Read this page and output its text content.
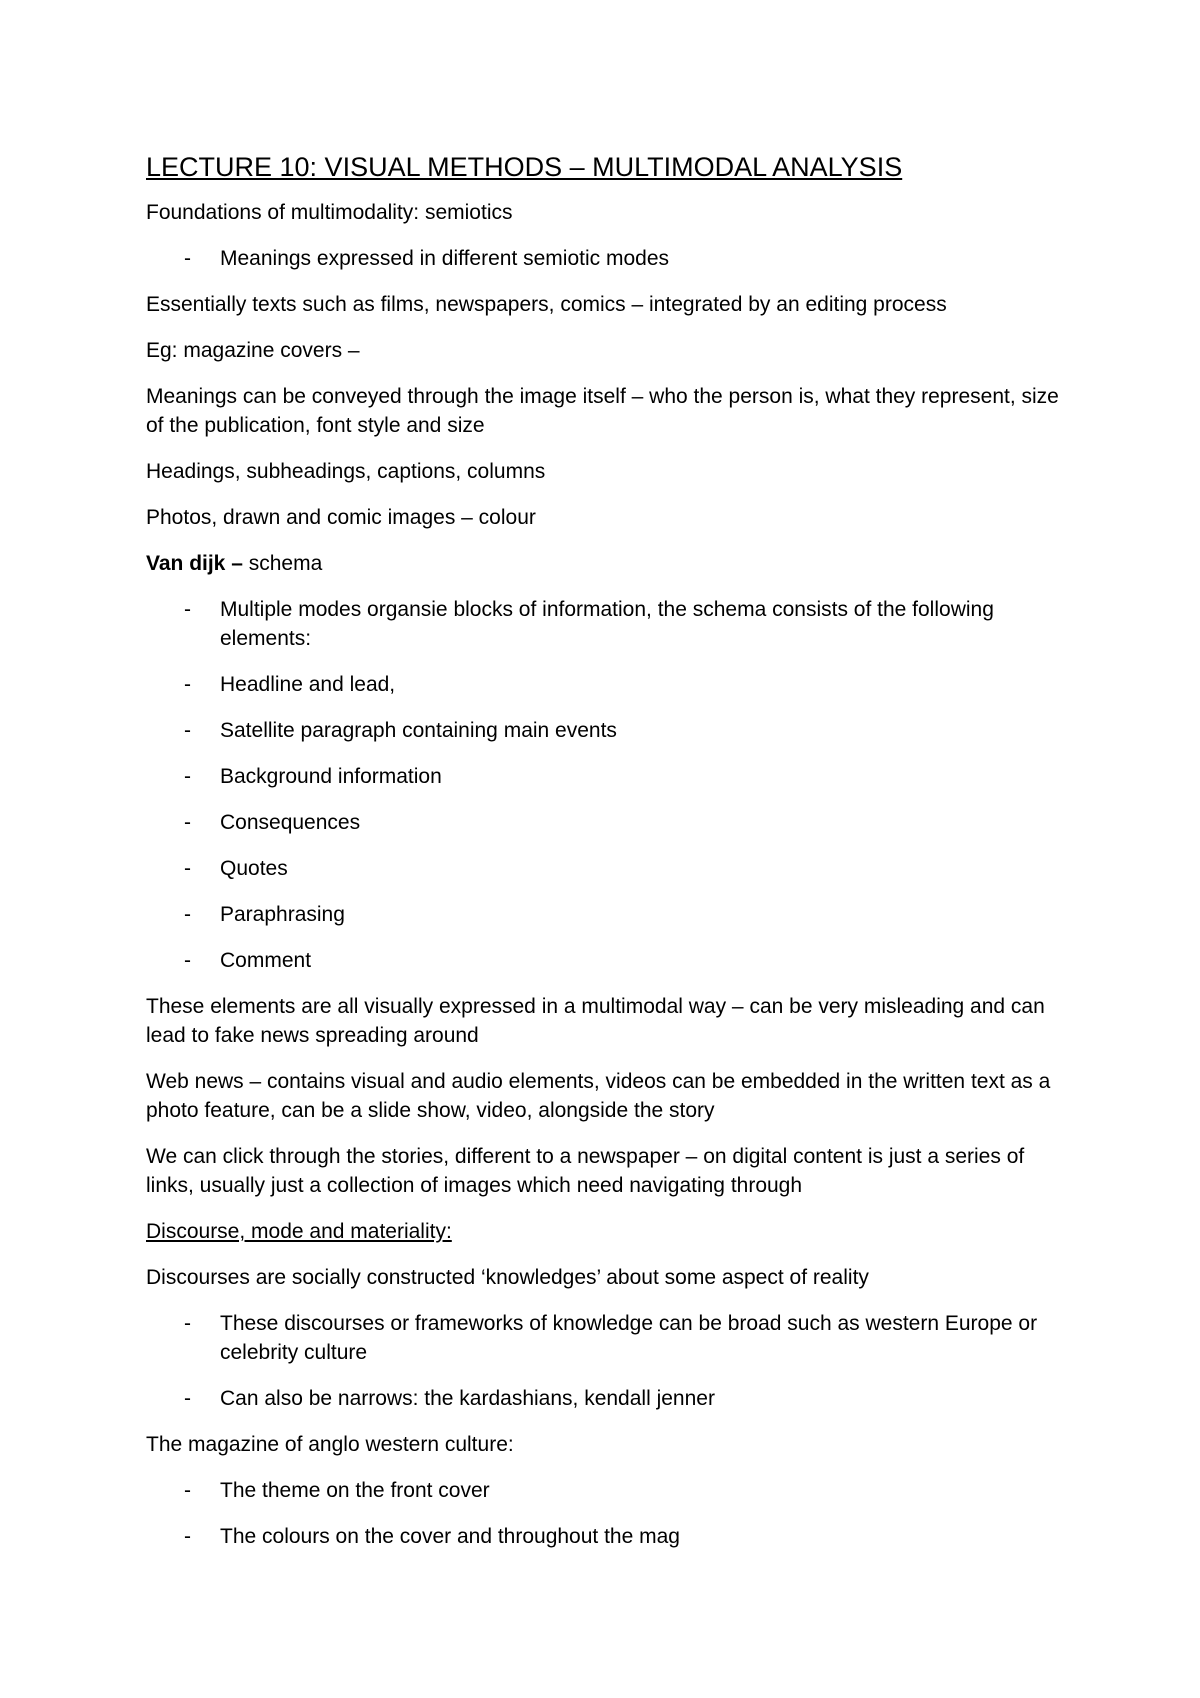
LECTURE 10: VISUAL METHODS – MULTIMODAL ANALYSIS

Foundations of multimodality: semiotics

- Meanings expressed in different semiotic modes

Essentially texts such as films, newspapers, comics – integrated by an editing process

Eg: magazine covers –

Meanings can be conveyed through the image itself – who the person is, what they represent, size of the publication, font style and size

Headings, subheadings, captions, columns

Photos, drawn and comic images – colour

Van dijk – schema

- Multiple modes organsie blocks of information, the schema consists of the following elements:
- Headline and lead,
- Satellite paragraph containing main events
- Background information
- Consequences
- Quotes
- Paraphrasing
- Comment

These elements are all visually expressed in a multimodal way – can be very misleading and can lead to fake news spreading around

Web news – contains visual and audio elements, videos can be embedded in the written text as a photo feature, can be a slide show, video, alongside the story

We can click through the stories, different to a newspaper – on digital content is just a series of links, usually just a collection of images which need navigating through

Discourse, mode and materiality:

Discourses are socially constructed ‘knowledges’ about some aspect of reality

- These discourses or frameworks of knowledge can be broad such as western Europe or celebrity culture
- Can also be narrows: the kardashians, kendall jenner

The magazine of anglo western culture:

- The theme on the front cover
- The colours on the cover and throughout the mag
